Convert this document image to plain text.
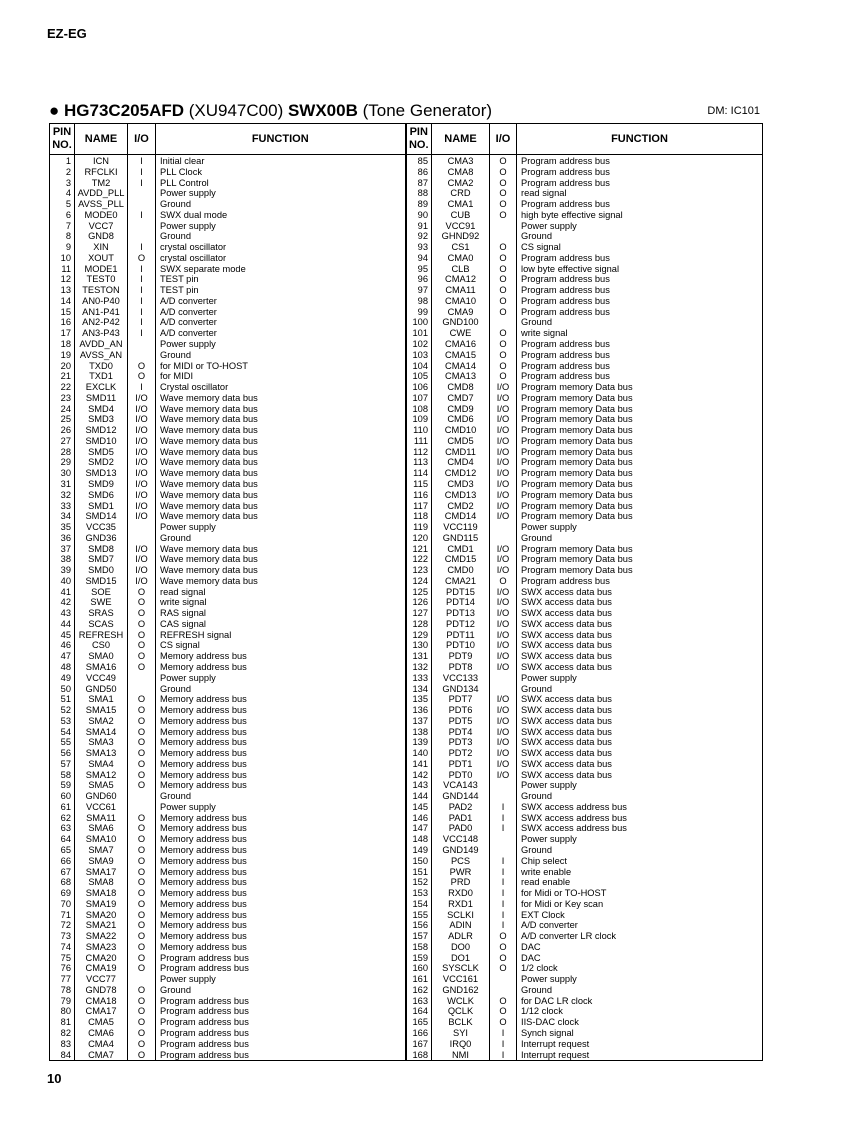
EZ-EG
● HG73C205AFD (XU947C00) SWX00B (Tone Generator)	DM: IC101
PIN NO.	NAME	I/O	FUNCTION	PIN NO.	NAME	I/O	FUNCTION
1	ICN	I	Initial clear	85	CMA3	O	Program address bus
2	RFCLKI	I	PLL Clock	86	CMA8	O	Program address bus
3	TM2	I	PLL Control	87	CMA2	O	Program address bus
4	AVDD_PLL		Power supply	88	CRD	O	read signal
5	AVSS_PLL		Ground	89	CMA1	O	Program address bus
6	MODE0	I	SWX dual mode	90	CUB	O	high byte effective signal
7	VCC7		Power supply	91	VCC91		Power supply
8	GND8		Ground	92	GHND92		Ground
9	XIN	I	crystal oscillator	93	CS1	O	CS signal
10	XOUT	O	crystal oscillator	94	CMA0	O	Program address bus
11	MODE1	I	SWX separate mode	95	CLB	O	low byte effective signal
12	TEST0	I	TEST pin	96	CMA12	O	Program address bus
13	TESTON	I	TEST pin	97	CMA11	O	Program address bus
14	AN0-P40	I	A/D converter	98	CMA10	O	Program address bus
15	AN1-P41	I	A/D converter	99	CMA9	O	Program address bus
16	AN2-P42	I	A/D converter	100	GND100		Ground
17	AN3-P43	I	A/D converter	101	CWE	O	write signal
18	AVDD_AN		Power supply	102	CMA16	O	Program address bus
19	AVSS_AN		Ground	103	CMA15	O	Program address bus
20	TXD0	O	for MIDI or TO-HOST	104	CMA14	O	Program address bus
21	TXD1	O	for MIDI	105	CMA13	O	Program address bus
22	EXCLK	I	Crystal oscillator	106	CMD8	I/O	Program memory Data bus
23	SMD11	I/O	Wave memory data bus	107	CMD7	I/O	Program memory Data bus
24	SMD4	I/O	Wave memory data bus	108	CMD9	I/O	Program memory Data bus
25	SMD3	I/O	Wave memory data bus	109	CMD6	I/O	Program memory Data bus
26	SMD12	I/O	Wave memory data bus	110	CMD10	I/O	Program memory Data bus
27	SMD10	I/O	Wave memory data bus	111	CMD5	I/O	Program memory Data bus
28	SMD5	I/O	Wave memory data bus	112	CMD11	I/O	Program memory Data bus
29	SMD2	I/O	Wave memory data bus	113	CMD4	I/O	Program memory Data bus
30	SMD13	I/O	Wave memory data bus	114	CMD12	I/O	Program memory Data bus
31	SMD9	I/O	Wave memory data bus	115	CMD3	I/O	Program memory Data bus
32	SMD6	I/O	Wave memory data bus	116	CMD13	I/O	Program memory Data bus
33	SMD1	I/O	Wave memory data bus	117	CMD2	I/O	Program memory Data bus
34	SMD14	I/O	Wave memory data bus	118	CMD14	I/O	Program memory Data bus
35	VCC35		Power supply	119	VCC119		Power supply
36	GND36		Ground	120	GND115		Ground
37	SMD8	I/O	Wave memory data bus	121	CMD1	I/O	Program memory Data bus
38	SMD7	I/O	Wave memory data bus	122	CMD15	I/O	Program memory Data bus
39	SMD0	I/O	Wave memory data bus	123	CMD0	I/O	Program memory Data bus
40	SMD15	I/O	Wave memory data bus	124	CMA21	O	Program address bus
41	SOE	O	read signal	125	PDT15	I/O	SWX access data bus
42	SWE	O	write signal	126	PDT14	I/O	SWX access data bus
43	SRAS	O	RAS signal	127	PDT13	I/O	SWX access data bus
44	SCAS	O	CAS signal	128	PDT12	I/O	SWX access data bus
45	REFRESH	O	REFRESH signal	129	PDT11	I/O	SWX access data bus
46	CS0	O	CS signal	130	PDT10	I/O	SWX access data bus
47	SMA0	O	Memory address bus	131	PDT9	I/O	SWX access data bus
48	SMA16	O	Memory address bus	132	PDT8	I/O	SWX access data bus
49	VCC49		Power supply	133	VCC133		Power supply
50	GND50		Ground	134	GND134		Ground
51	SMA1	O	Memory address bus	135	PDT7	I/O	SWX access data bus
52	SMA15	O	Memory address bus	136	PDT6	I/O	SWX access data bus
53	SMA2	O	Memory address bus	137	PDT5	I/O	SWX access data bus
54	SMA14	O	Memory address bus	138	PDT4	I/O	SWX access data bus
55	SMA3	O	Memory address bus	139	PDT3	I/O	SWX access data bus
56	SMA13	O	Memory address bus	140	PDT2	I/O	SWX access data bus
57	SMA4	O	Memory address bus	141	PDT1	I/O	SWX access data bus
58	SMA12	O	Memory address bus	142	PDT0	I/O	SWX access data bus
59	SMA5	O	Memory address bus	143	VCA143		Power supply
60	GND60		Ground	144	GND144		Ground
61	VCC61		Power supply	145	PAD2	I	SWX access address bus
62	SMA11	O	Memory address bus	146	PAD1	I	SWX access address bus
63	SMA6	O	Memory address bus	147	PAD0	I	SWX access address bus
64	SMA10	O	Memory address bus	148	VCC148		Power supply
65	SMA7	O	Memory address bus	149	GND149		Ground
66	SMA9	O	Memory address bus	150	PCS	I	Chip select
67	SMA17	O	Memory address bus	151	PWR	I	write enable
68	SMA8	O	Memory address bus	152	PRD	I	read enable
69	SMA18	O	Memory address bus	153	RXD0	I	for Midi or TO-HOST
70	SMA19	O	Memory address bus	154	RXD1	I	for Midi or Key scan
71	SMA20	O	Memory address bus	155	SCLKI	I	EXT Clock
72	SMA21	O	Memory address bus	156	ADIN	I	A/D converter
73	SMA22	O	Memory address bus	157	ADLR	O	A/D converter LR clock
74	SMA23	O	Memory address bus	158	DO0	O	DAC
75	CMA20	O	Program address bus	159	DO1	O	DAC
76	CMA19	O	Program address bus	160	SYSCLK	O	1/2 clock
77	VCC77		Power supply	161	VCC161		Power supply
78	GND78	O	Ground	162	GND162		Ground
79	CMA18	O	Program address bus	163	WCLK	O	for DAC LR clock
80	CMA17	O	Program address bus	164	QCLK	O	1/12 clock
81	CMA5	O	Program address bus	165	BCLK	O	IIS-DAC clock
82	CMA6	O	Program address bus	166	SYI	I	Synch signal
83	CMA4	O	Program address bus	167	IRQ0	I	Interrupt request
84	CMA7	O	Program address bus	168	NMI	I	Interrupt request
10
